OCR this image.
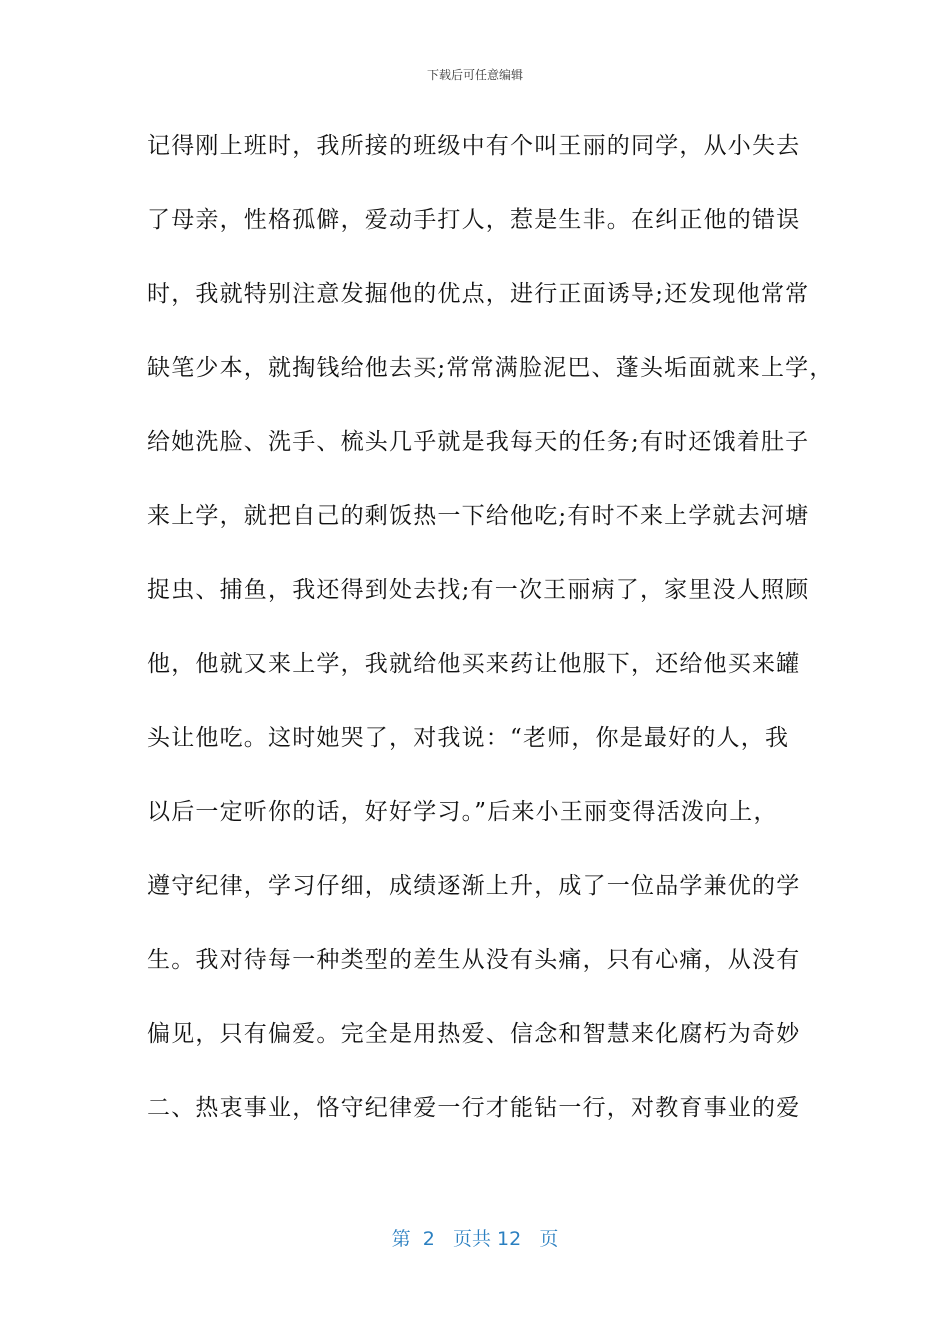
下载后可任意编辑
记得刚上班时，我所接的班级中有个叫王丽的同学，从小失去
了母亲，性格孤僻，爱动手打人，惹是生非。在纠正他的错误
时，我就特别注意发掘他的优点，进行正面诱导;还发现他常常
缺笔少本，就掏钱给他去买;常常满脸泥巴、蓬头垢面就来上学，
给她洗脸、洗手、梳头几乎就是我每天的任务;有时还饿着肚子
来上学，就把自己的剩饭热一下给他吃;有时不来上学就去河塘
捉虫、捕鱼，我还得到处去找;有一次王丽病了，家里没人照顾
他，他就又来上学，我就给他买来药让他服下，还给他买来罐
头让他吃。这时她哭了，对我说：“老师，你是最好的人，我
以后一定听你的话，好好学习。”后来小王丽变得活泼向上，
遵守纪律，学习仔细，成绩逐渐上升，成了一位品学兼优的学
生。我对待每一种类型的差生从没有头痛，只有心痛，从没有
偏见，只有偏爱。完全是用热爱、信念和智慧来化腐朽为奇妙
二、热衷事业，恪守纪律爱一行才能钻一行，对教育事业的爱
第 2 页共 12 页
